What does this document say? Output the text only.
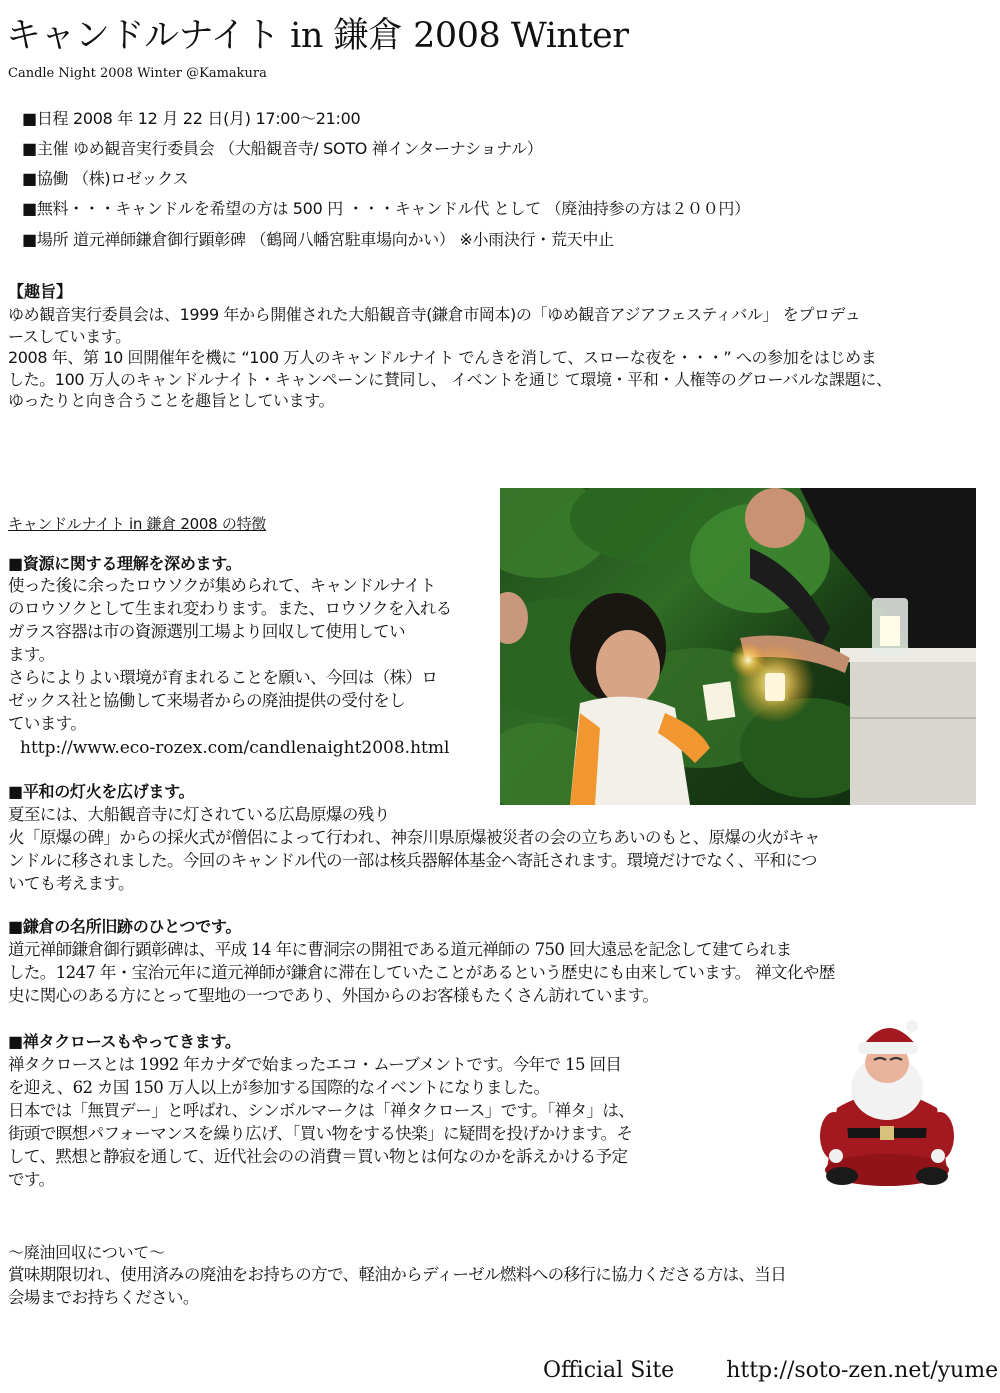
キャンドルナイト in 鎌倉 2008 Winter
Candle Night 2008 Winter @Kamakura
■日程 2008 年 12 月 22 日(月) 17:00～21:00
■主催 ゆめ観音実行委員会 （大船観音寺/ SOTO 禅インターナショナル）
■協働 （株)ロゼックス
■無料・・・キャンドルを希望の方は 500 円 ・・・キャンドル代 として （廃油持参の方は２００円）
■場所 道元禅師鎌倉御行顕彰碑 （鶴岡八幡宮駐車場向かい） ※小雨決行・荒天中止
【趣旨】
ゆめ観音実行委員会は、1999 年から開催された大船観音寺(鎌倉市岡本)の「ゆめ観音アジアフェスティバル」 をプロデュ
ースしています。
2008 年、第 10 回開催年を機に “100 万人のキャンドルナイト でんきを消して、スローな夜を・・・” への参加をはじめま
した。100 万人のキャンドルナイト・キャンペーンに賛同し、 イベントを通じ て環境・平和・人権等のグローバルな課題に、
ゆったりと向き合うことを趣旨としています。
キャンドルナイト in 鎌倉 2008 の特徴
■資源に関する理解を深めます。
使った後に余ったロウソクが集められて、キャンドルナイト
のロウソクとして生まれ変わります。また、ロウソクを入れる
ガラス容器は市の資源選別工場より回収して使用してい
ます。
さらによりよい環境が育まれることを願い、今回は（株）ロ
ゼックス社と協働して来場者からの廃油提供の受付をし
ています。
http://www.eco-rozex.com/candlenaight2008.html
■平和の灯火を広げます。
夏至には、大船観音寺に灯されている広島原爆の残り
火「原爆の碑」からの採火式が僧侶によって行われ、神奈川県原爆被災者の会の立ちあいのもと、原爆の火がキャ
ンドルに移されました。今回のキャンドル代の一部は核兵器解体基金へ寄託されます。環境だけでなく、平和につ
いても考えます。
■鎌倉の名所旧跡のひとつです。
道元禅師鎌倉御行顕彰碑は、平成 14 年に曹洞宗の開祖である道元禅師の 750 回大遠忌を記念して建てられま
した。1247 年・宝治元年に道元禅師が鎌倉に滞在していたことがあるという歴史にも由来しています。 禅文化や歴
史に関心のある方にとって聖地の一つであり、外国からのお客様もたくさん訪れています。
■禅タクロースもやってきます。
禅タクロースとは 1992 年カナダで始まったエコ・ムーブメントです。今年で 15 回目
を迎え、62 カ国 150 万人以上が参加する国際的なイベントになりました。
日本では「無買デー」と呼ばれ、シンボルマークは「禅タクロース」です。「禅タ」は、
街頭で瞑想パフォーマンスを繰り広げ、「買い物をする快楽」に疑問を投げかけます。そ
して、黙想と静寂を通して、近代社会のの消費＝買い物とは何なのかを訴えかける予定
です。
～廃油回収について～
賞味期限切れ、使用済みの廃油をお持ちの方で、軽油からディーゼル燃料への移行に協力くださる方は、当日
会場までお持ちください。
Official Site http://soto-zen.net/yume
